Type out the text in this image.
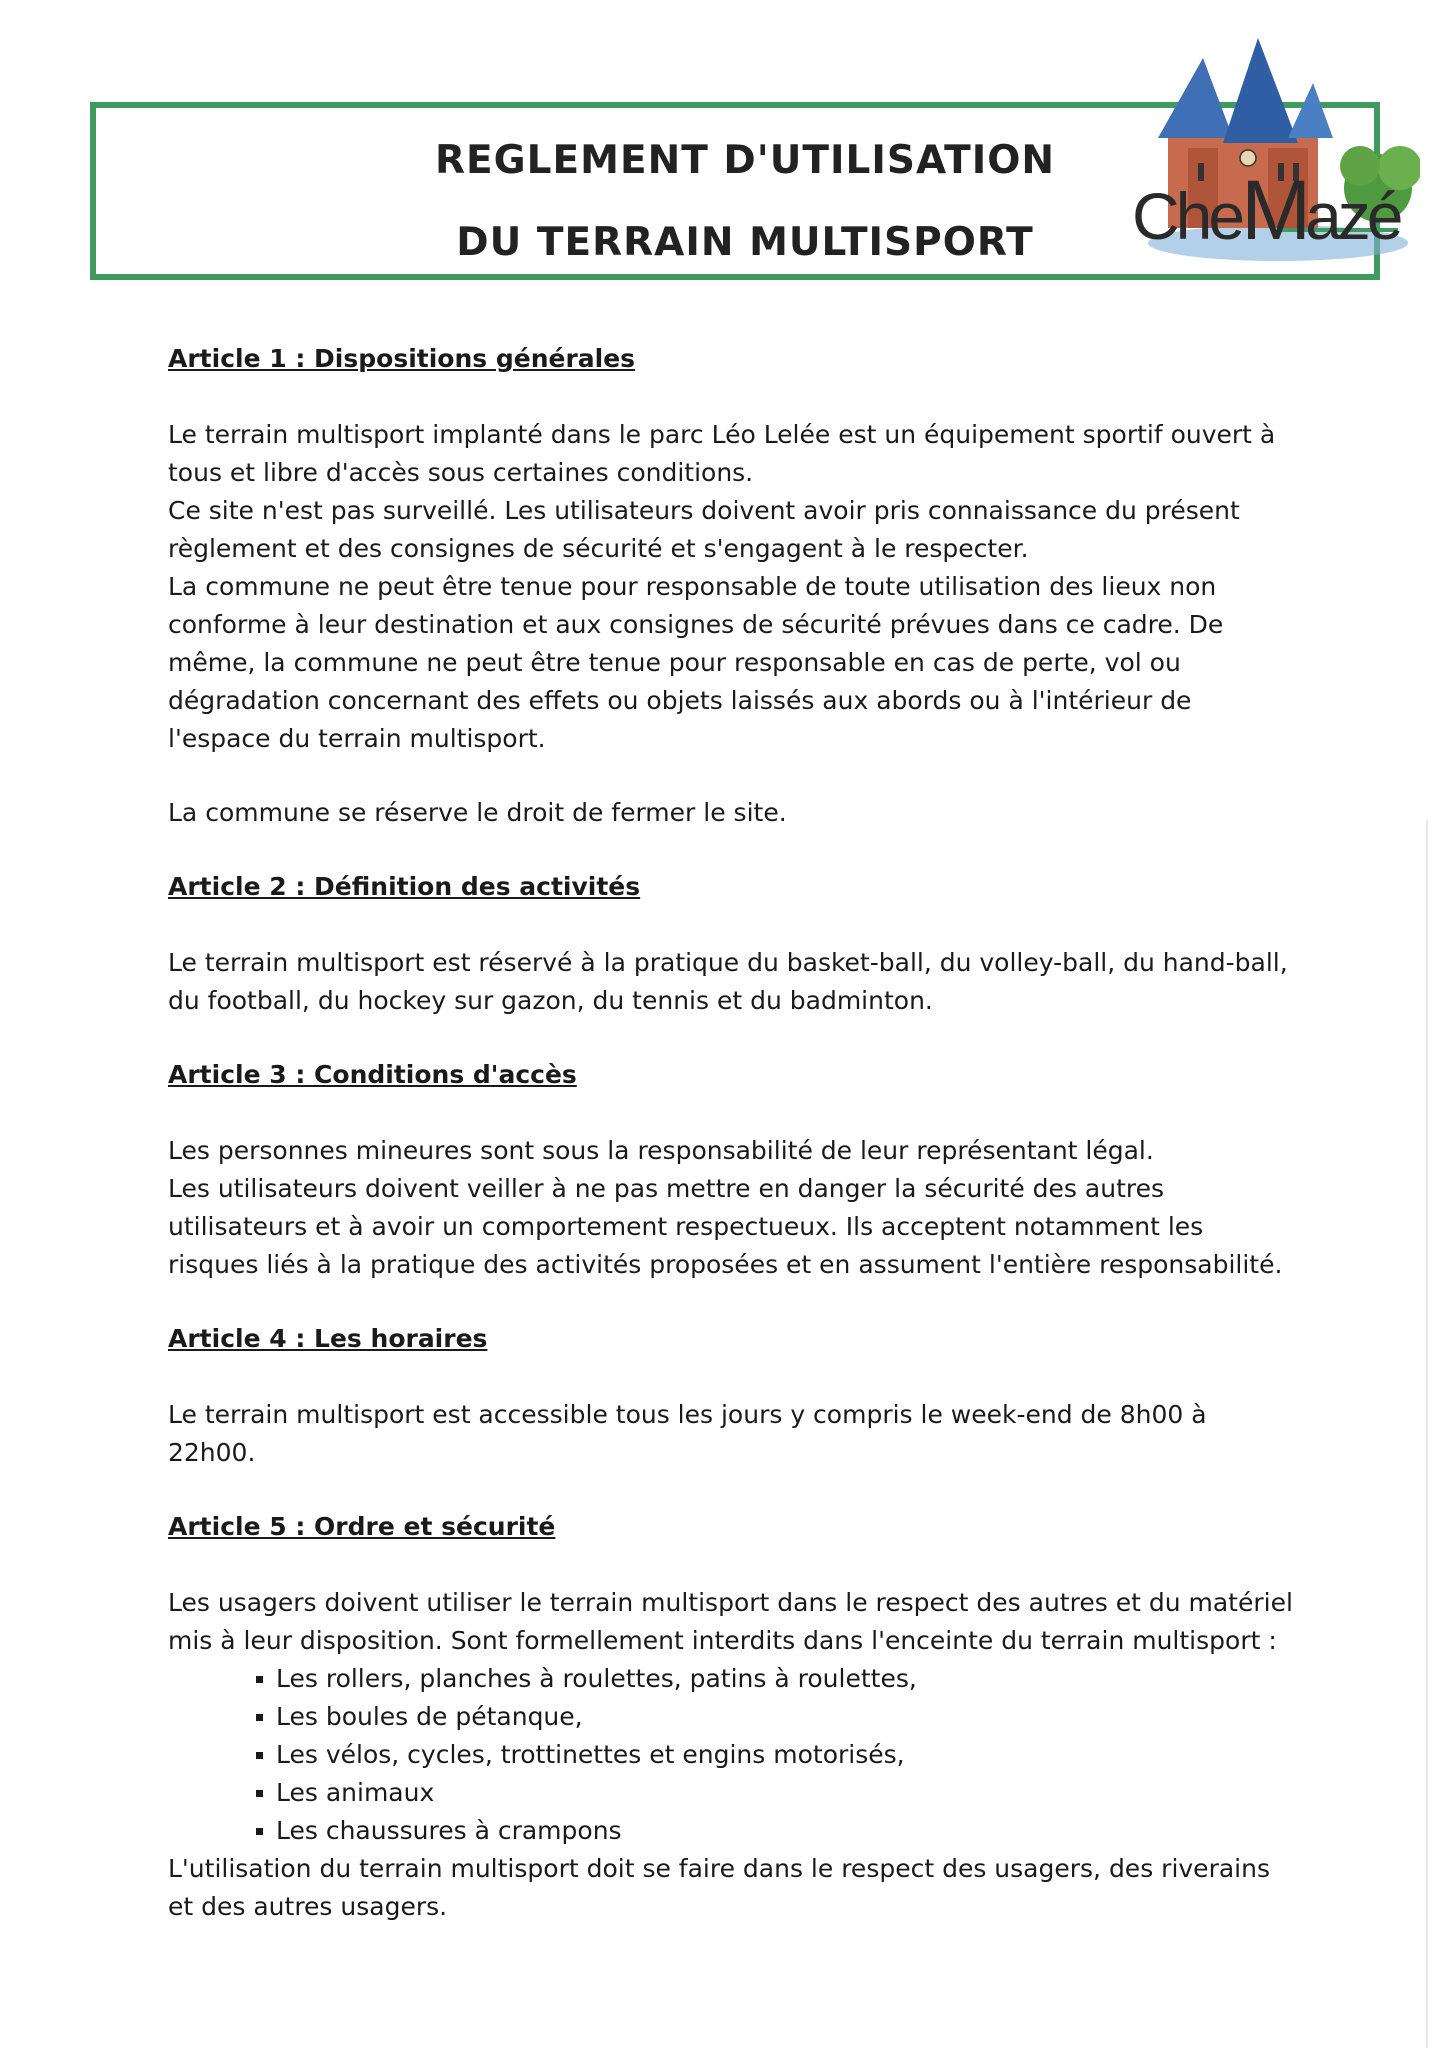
REGLEMENT D'UTILISATION
DU TERRAIN MULTISPORT	CheMazé

Article 1 : Dispositions générales

Le terrain multisport implanté dans le parc Léo Lelée est un équipement sportif ouvert à tous et libre d'accès sous certaines conditions.

Ce site n'est pas surveillé. Les utilisateurs doivent avoir pris connaissance du présent règlement et des consignes de sécurité et s'engagent à le respecter.

La commune ne peut être tenue pour responsable de toute utilisation des lieux non conforme à leur destination et aux consignes de sécurité prévues dans ce cadre. De même, la commune ne peut être tenue pour responsable en cas de perte, vol ou dégradation concernant des effets ou objets laissés aux abords ou à l'intérieur de l'espace du terrain multisport.

La commune se réserve le droit de fermer le site.

Article 2 : Définition des activités

Le terrain multisport est réservé à la pratique du basket-ball, du volley-ball, du hand-ball, du football, du hockey sur gazon, du tennis et du badminton.

Article 3 : Conditions d'accès

Les personnes mineures sont sous la responsabilité de leur représentant légal.

Les utilisateurs doivent veiller à ne pas mettre en danger la sécurité des autres utilisateurs et à avoir un comportement respectueux. Ils acceptent notamment les risques liés à la pratique des activités proposées et en assument l'entière responsabilité.

Article 4 : Les horaires

Le terrain multisport est accessible tous les jours y compris le week-end de 8h00 à 22h00.

Article 5 : Ordre et sécurité

Les usagers doivent utiliser le terrain multisport dans le respect des autres et du matériel mis à leur disposition. Sont formellement interdits dans l'enceinte du terrain multisport :

Les rollers, planches à roulettes, patins à roulettes,
Les boules de pétanque,
Les vélos, cycles, trottinettes et engins motorisés,
Les animaux
Les chaussures à crampons

L'utilisation du terrain multisport doit se faire dans le respect des usagers, des riverains et des autres usagers.
